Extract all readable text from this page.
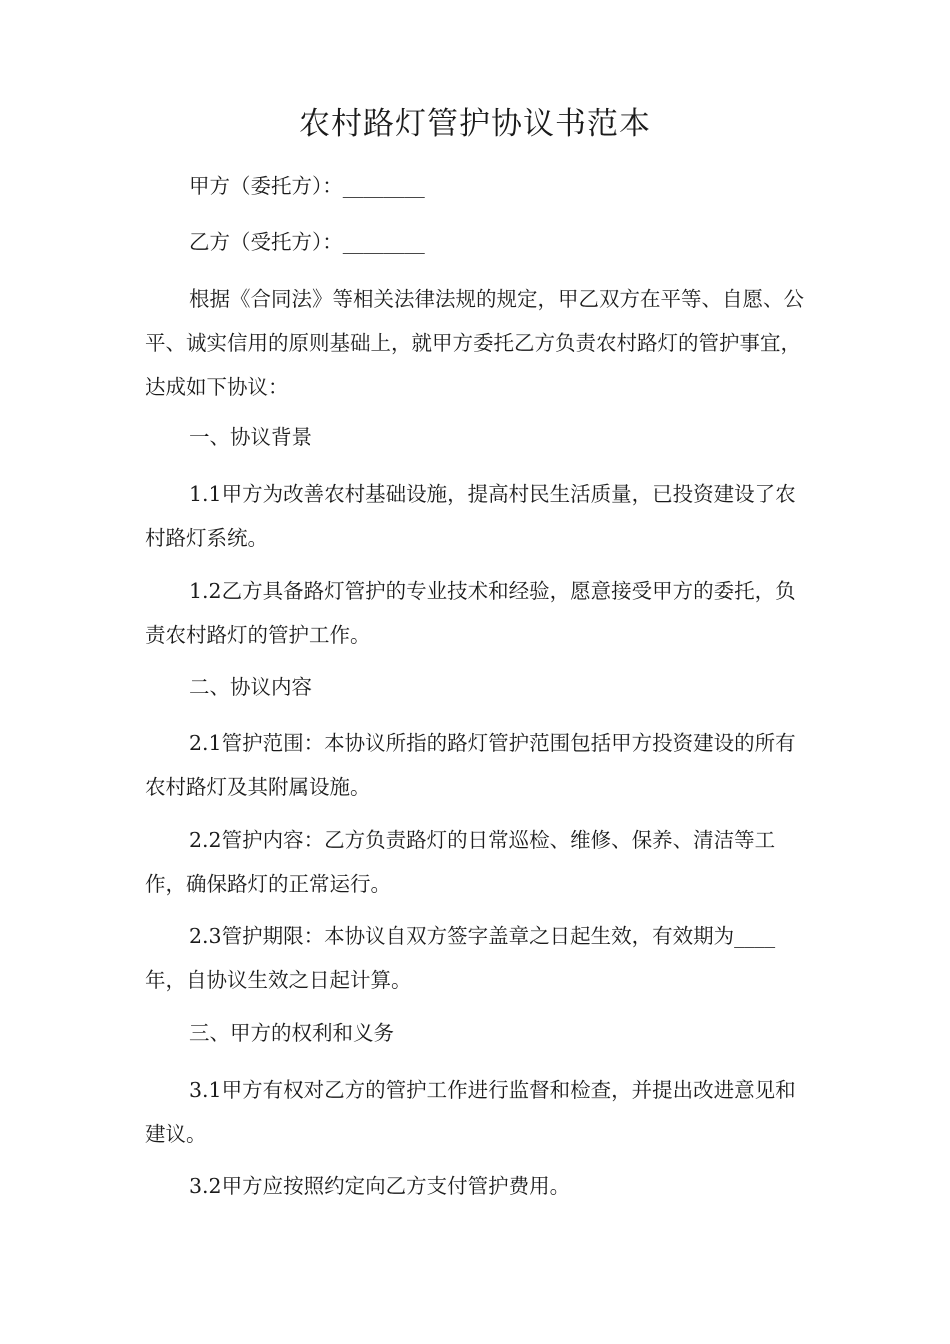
农村路灯管护协议书范本
甲方（委托方）：________
乙方（受托方）：________
根据《合同法》等相关法律法规的规定，甲乙双方在平等、自愿、公平、诚实信用的原则基础上，就甲方委托乙方负责农村路灯的管护事宜，达成如下协议：
一、协议背景
1.1甲方为改善农村基础设施，提高村民生活质量，已投资建设了农村路灯系统。
1.2乙方具备路灯管护的专业技术和经验，愿意接受甲方的委托，负责农村路灯的管护工作。
二、协议内容
2.1管护范围：本协议所指的路灯管护范围包括甲方投资建设的所有农村路灯及其附属设施。
2.2管护内容：乙方负责路灯的日常巡检、维修、保养、清洁等工作，确保路灯的正常运行。
2.3管护期限：本协议自双方签字盖章之日起生效，有效期为____年，自协议生效之日起计算。
三、甲方的权利和义务
3.1甲方有权对乙方的管护工作进行监督和检查，并提出改进意见和建议。
3.2甲方应按照约定向乙方支付管护费用。
